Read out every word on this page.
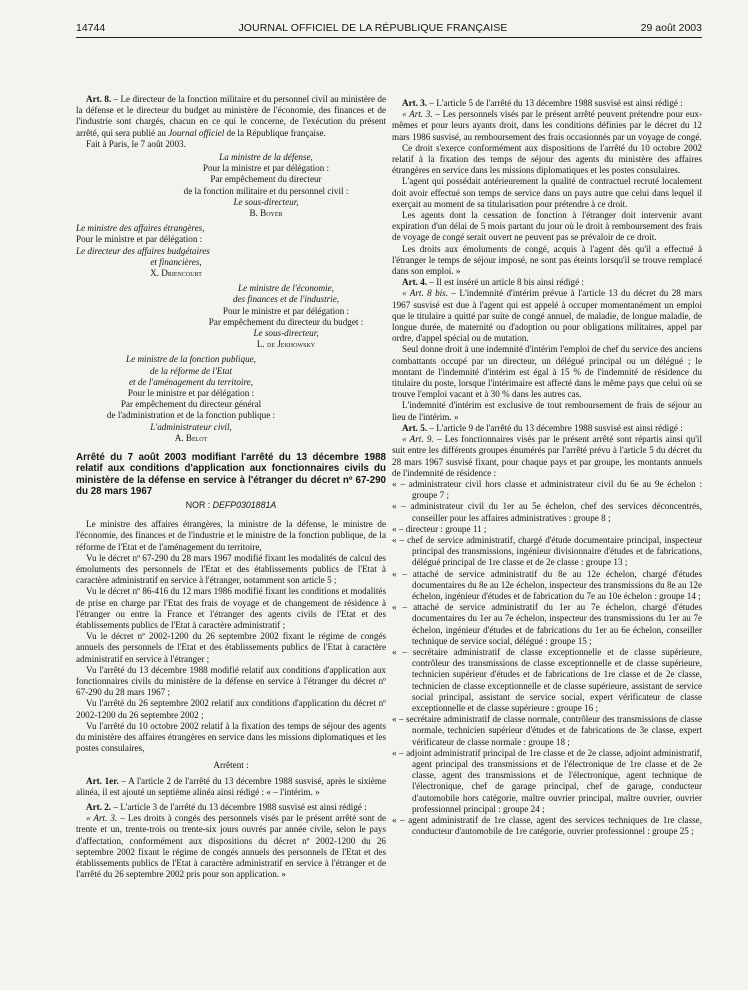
14744	JOURNAL OFFICIEL DE LA RÉPUBLIQUE FRANÇAISE	29 août 2003

Art. 8. – Le directeur de la fonction militaire et du personnel civil au ministère de la défense et le directeur du budget au ministère de l'économie, des finances et de l'industrie sont chargés, chacun en ce qui le concerne, de l'exécution du présent arrêté, qui sera publié au Journal officiel de la République française.

Fait à Paris, le 7 août 2003.

La ministre de la défense,
Pour la ministre et par délégation :
Par empêchement du directeur
de la fonction militaire et du personnel civil :
Le sous-directeur,
B. Boyer
Le ministre des affaires étrangères,
Pour le ministre et par délégation :
Le directeur des affaires budgétaires
et financières,
X. Driencourt
Le ministre de l'économie,
des finances et de l'industrie,
Pour le ministre et par délégation :
Par empêchement du directeur du budget :
Le sous-directeur,
L. de Jekhowsky
Le ministre de la fonction publique,
de la réforme de l'Etat
et de l'aménagement du territoire,
Pour le ministre et par délégation :
Par empêchement du directeur général
de l'administration et de la fonction publique :
L'administrateur civil,
A. Belot
Arrêté du 7 août 2003 modifiant l'arrêté du 13 décembre 1988 relatif aux conditions d'application aux fonctionnaires civils du ministère de la défense en service à l'étranger du décret nº 67-290 du 28 mars 1967
NOR : DEFP0301881A

Le ministre des affaires étrangères, la ministre de la défense, le ministre de l'économie, des finances et de l'industrie et le ministre de la fonction publique, de la réforme de l'Etat et de l'aménagement du territoire,

Vu le décret nº 67-290 du 28 mars 1967 modifié fixant les modalités de calcul des émoluments des personnels de l'Etat et des établissements publics de l'Etat à caractère administratif en service à l'étranger, notamment son article 5 ;

Vu le décret nº 86-416 du 12 mars 1986 modifié fixant les conditions et modalités de prise en charge par l'Etat des frais de voyage et de changement de résidence à l'étranger ou entre la France et l'étranger des agents civils de l'Etat et des établissements publics de l'Etat à caractère administratif ;

Vu le décret nº 2002-1200 du 26 septembre 2002 fixant le régime de congés annuels des personnels de l'Etat et des établissements publics de l'Etat à caractère administratif en service à l'étranger ;

Vu l'arrêté du 13 décembre 1988 modifié relatif aux conditions d'application aux fonctionnaires civils du ministère de la défense en service à l'étranger du décret nº 67-290 du 28 mars 1967 ;

Vu l'arrêté du 26 septembre 2002 relatif aux conditions d'application du décret nº 2002-1200 du 26 septembre 2002 ;

Vu l'arrêté du 10 octobre 2002 relatif à la fixation des temps de séjour des agents du ministère des affaires étrangères en service dans les missions diplomatiques et les postes consulaires,

Arrêtent :

Art. 1er. – A l'article 2 de l'arrêté du 13 décembre 1988 susvisé, après le sixième alinéa, il est ajouté un septième alinéa ainsi rédigé : « – l'intérim. »

Art. 2. – L'article 3 de l'arrêté du 13 décembre 1988 susvisé est ainsi rédigé :

« Art. 3. – Les droits à congés des personnels visés par le présent arrêté sont de trente et un, trente-trois ou trente-six jours ouvrés par année civile, selon le pays d'affectation, conformément aux dispositions du décret nº 2002-1200 du 26 septembre 2002 fixant le régime de congés annuels des personnels de l'Etat et des établissements publics de l'Etat à caractère administratif en service à l'étranger et de l'arrêté du 26 septembre 2002 pris pour son application. »

Art. 3. – L'article 5 de l'arrêté du 13 décembre 1988 susvisé est ainsi rédigé :

« Art. 3. – Les personnels visés par le présent arrêté peuvent prétendre pour eux-mêmes et pour leurs ayants droit, dans les conditions définies par le décret du 12 mars 1986 susvisé, au remboursement des frais occasionnés par un voyage de congé.

Ce droit s'exerce conformément aux dispositions de l'arrêté du 10 octobre 2002 relatif à la fixation des temps de séjour des agents du ministère des affaires étrangères en service dans les missions diplomatiques et les postes consulaires.

L'agent qui possédait antérieurement la qualité de contractuel recruté localement doit avoir effectué son temps de service dans un pays autre que celui dans lequel il exerçait au moment de sa titularisation pour prétendre à ce droit.

Les agents dont la cessation de fonction à l'étranger doit intervenir avant expiration d'un délai de 5 mois partant du jour où le droit à remboursement des frais de voyage de congé serait ouvert ne peuvent pas se prévaloir de ce droit.

Les droits aux émoluments de congé, acquis à l'agent dès qu'il a effectué à l'étranger le temps de séjour imposé, ne sont pas éteints lorsqu'il se trouve remplacé dans son emploi. »

Art. 4. – Il est inséré un article 8 bis ainsi rédigé :

« Art. 8 bis. – L'indemnité d'intérim prévue à l'article 13 du décret du 28 mars 1967 susvisé est due à l'agent qui est appelé à occuper momentanément un emploi que le titulaire a quitté par suite de congé annuel, de maladie, de longue maladie, de longue durée, de maternité ou d'adoption ou pour obligations militaires, appel par ordre, d'appel spécial ou de mutation.

Seul donne droit à une indemnité d'intérim l'emploi de chef du service des anciens combattants occupé par un directeur, un délégué principal ou un délégué ; le montant de l'indemnité d'intérim est égal à 15 % de l'indemnité de résidence du titulaire du poste, lorsque l'intérimaire est affecté dans le même pays que celui où se trouve l'emploi vacant et à 30 % dans les autres cas.

L'indemnité d'intérim est exclusive de tout remboursement de frais de séjour au lieu de l'intérim. »

Art. 5. – L'article 9 de l'arrêté du 13 décembre 1988 susvisé est ainsi rédigé :

« Art. 9. – Les fonctionnaires visés par le présent arrêté sont répartis ainsi qu'il suit entre les différents groupes énumérés par l'arrêté prévu à l'article 5 du décret du 28 mars 1967 susvisé fixant, pour chaque pays et par groupe, les montants annuels de l'indemnité de résidence :

« – administrateur civil hors classe et administrateur civil du 6e au 9e échelon : groupe 7 ;
« – administrateur civil du 1er au 5e échelon, chef des services déconcentrés, conseiller pour les affaires administratives : groupe 8 ;
« – directeur : groupe 11 ;
« – chef de service administratif, chargé d'étude documentaire principal, inspecteur principal des transmissions, ingénieur divisionnaire d'études et de fabrications, délégué principal de 1re classe et de 2e classe : groupe 13 ;
« – attaché de service administratif du 8e au 12e échelon, chargé d'études documentaires du 8e au 12e échelon, inspecteur des transmissions du 8e au 12e échelon, ingénieur d'études et de fabrication du 7e au 10e échelon : groupe 14 ;
« – attaché de service administratif du 1er au 7e échelon, chargé d'études documentaires du 1er au 7e échelon, inspecteur des transmissions du 1er au 7e échelon, ingénieur d'études et de fabrications du 1er au 6e échelon, conseiller technique de service social, délégué : groupe 15 ;
« – secrétaire administratif de classe exceptionnelle et de classe supérieure, contrôleur des transmissions de classe exceptionnelle et de classe supérieure, technicien supérieur d'études et de fabrications de 1re classe et de 2e classe, technicien de classe exceptionnelle et de classe supérieure, assistant de service social principal, assistant de service social, expert vérificateur de classe exceptionnelle et de classe supérieure : groupe 16 ;
« – secrétaire administratif de classe normale, contrôleur des transmissions de classe normale, technicien supérieur d'études et de fabrications de 3e classe, expert vérificateur de classe normale : groupe 18 ;
« – adjoint administratif principal de 1re classe et de 2e classe, adjoint administratif, agent principal des transmissions et de l'électronique de 1re classe et de 2e classe, agent des transmissions et de l'électronique, agent technique de l'électronique, chef de garage principal, chef de garage, conducteur d'automobile hors catégorie, maître ouvrier principal, maître ouvrier, ouvrier professionnel principal : groupe 24 ;
« – agent administratif de 1re classe, agent des services techniques de 1re classe, conducteur d'automobile de 1re catégorie, ouvrier professionnel : groupe 25 ;
